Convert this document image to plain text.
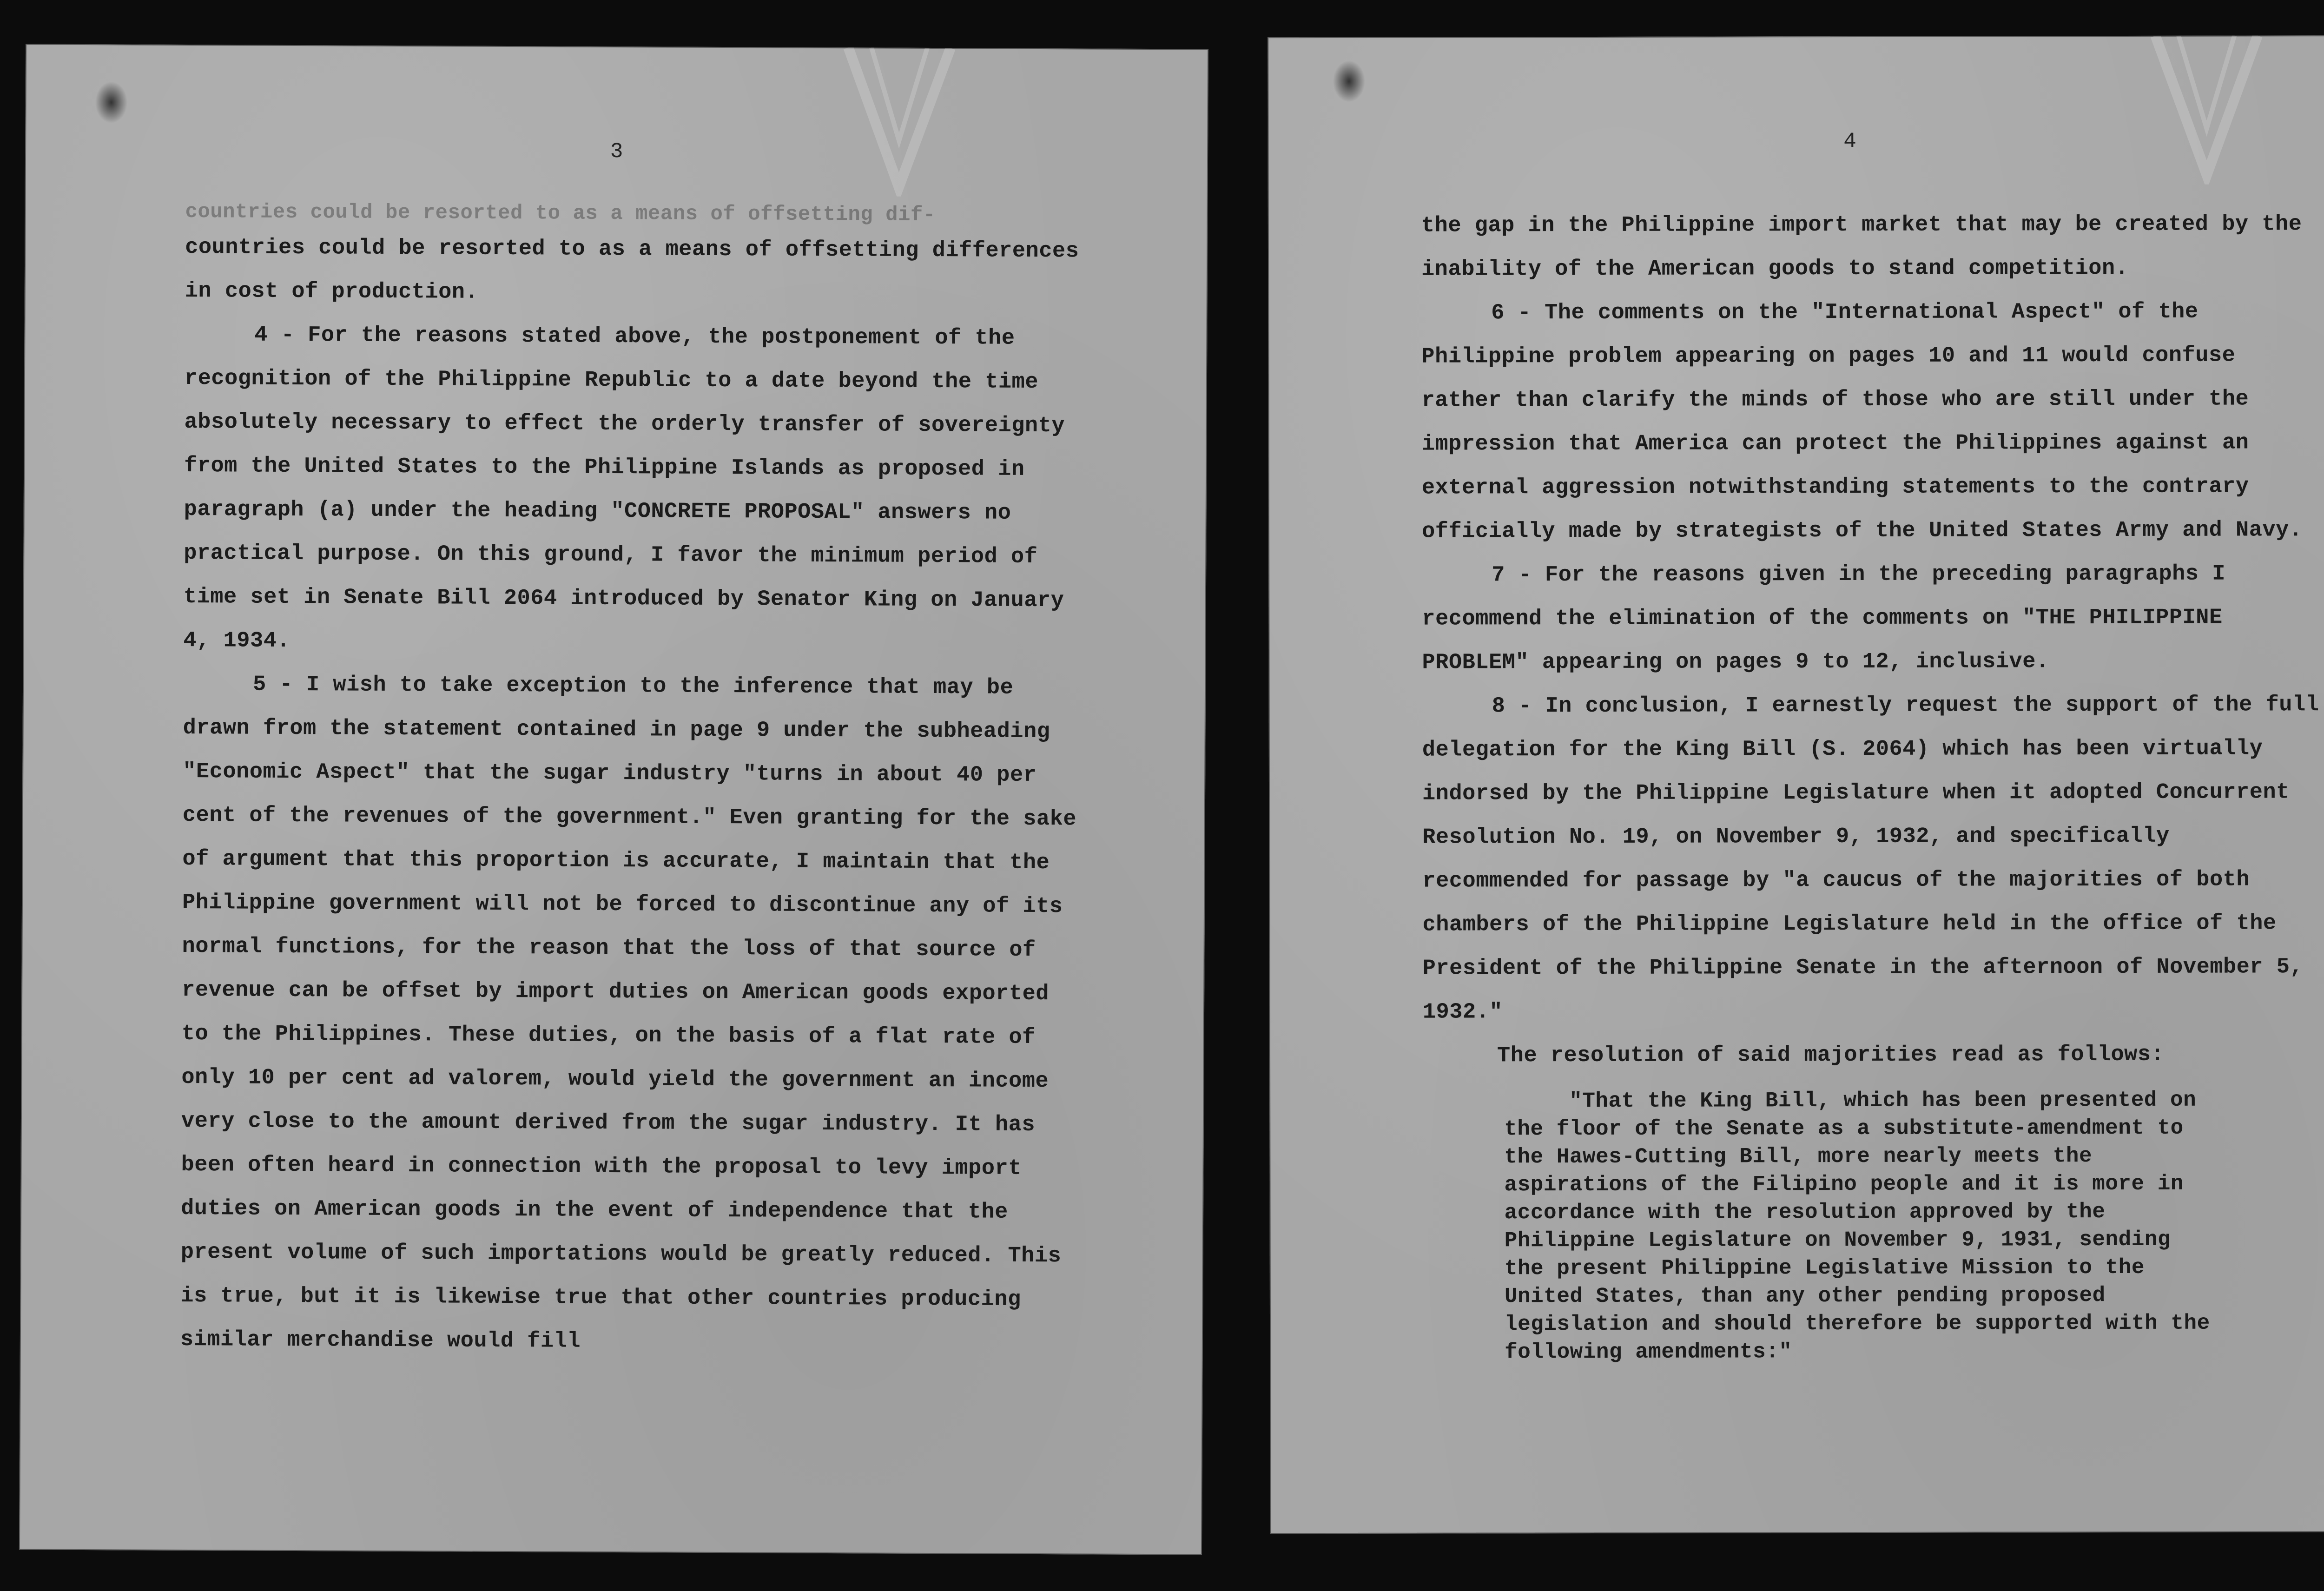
3
countries could be resorted to as a means of offsetting dif-

countries could be resorted to as a means of offsetting differences in cost of production.

4 - For the reasons stated above, the postponement of the recognition of the Philippine Republic to a date beyond the time absolutely necessary to effect the orderly transfer of sovereignty from the United States to the Philippine Islands as proposed in paragraph (a) under the heading "CONCRETE PROPOSAL" answers no practical purpose. On this ground, I favor the minimum period of time set in Senate Bill 2064 introduced by Senator King on January 4, 1934.

5 - I wish to take exception to the inference that may be drawn from the statement contained in page 9 under the subheading "Economic Aspect" that the sugar industry "turns in about 40 per cent of the revenues of the government." Even granting for the sake of argument that this proportion is accurate, I maintain that the Philippine government will not be forced to discontinue any of its normal functions, for the reason that the loss of that source of revenue can be offset by import duties on American goods exported to the Philippines. These duties, on the basis of a flat rate of only 10 per cent ad valorem, would yield the government an income very close to the amount derived from the sugar industry. It has been often heard in connection with the proposal to levy import duties on American goods in the event of independence that the present volume of such importations would be greatly reduced. This is true, but it is likewise true that other countries producing similar merchandise would fill

4

the gap in the Philippine import market that may be created by the inability of the American goods to stand competition.

6 - The comments on the "International Aspect" of the Philippine problem appearing on pages 10 and 11 would confuse rather than clarify the minds of those who are still under the impression that America can protect the Philippines against an external aggression notwithstanding statements to the contrary officially made by strategists of the United States Army and Navy.

7 - For the reasons given in the preceding paragraphs I recommend the elimination of the comments on "THE PHILIPPINE PROBLEM" appearing on pages 9 to 12, inclusive.

8 - In conclusion, I earnestly request the support of the full delegation for the King Bill (S. 2064) which has been virtually indorsed by the Philippine Legislature when it adopted Concurrent Resolution No. 19, on November 9, 1932, and specifically recommended for passage by "a caucus of the majorities of both chambers of the Philippine Legislature held in the office of the President of the Philippine Senate in the afternoon of November 5, 1932."

The resolution of said majorities read as follows:

"That the King Bill, which has been presented on the floor of the Senate as a substitute-amendment to the Hawes-Cutting Bill, more nearly meets the aspirations of the Filipino people and it is more in accordance with the resolution approved by the Philippine Legislature on November 9, 1931, sending the present Philippine Legislative Mission to the United States, than any other pending proposed legislation and should therefore be supported with the following amendments:"
